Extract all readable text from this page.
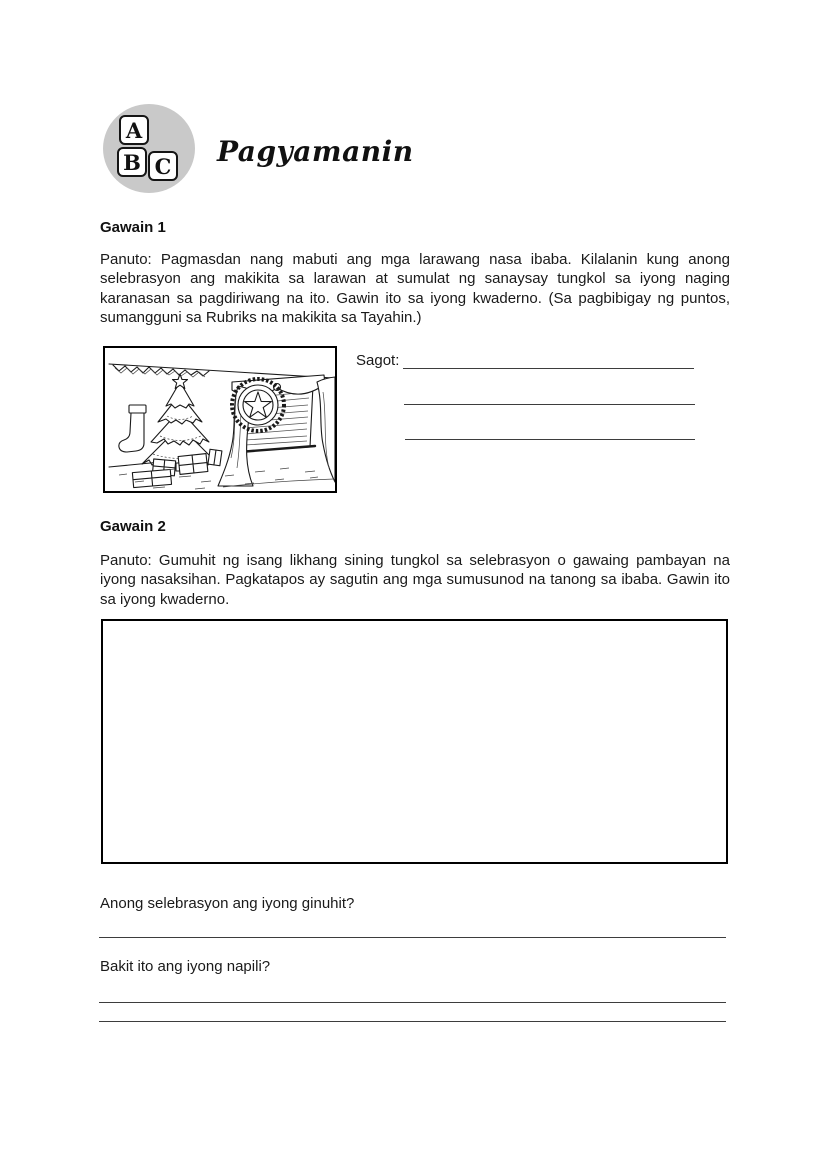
A
B C Pagyamanin
Gawain 1
Panuto: Pagmasdan nang mabuti ang mga larawang nasa ibaba. Kilalanin kung anong selebrasyon ang makikita sa larawan at sumulat ng sanaysay tungkol sa iyong naging karanasan sa pagdiriwang na ito. Gawin ito sa iyong kwaderno. (Sa pagbibigay ng puntos, sumangguni sa Rubriks na makikita sa Tayahin.)
Sagot:
Gawain 2
Panuto: Gumuhit ng isang likhang sining tungkol sa selebrasyon o gawaing pambayan na iyong nasaksihan. Pagkatapos ay sagutin ang mga sumusunod na tanong sa ibaba. Gawin ito sa iyong kwaderno.
Anong selebrasyon ang iyong ginuhit?
Bakit ito ang iyong napili?
